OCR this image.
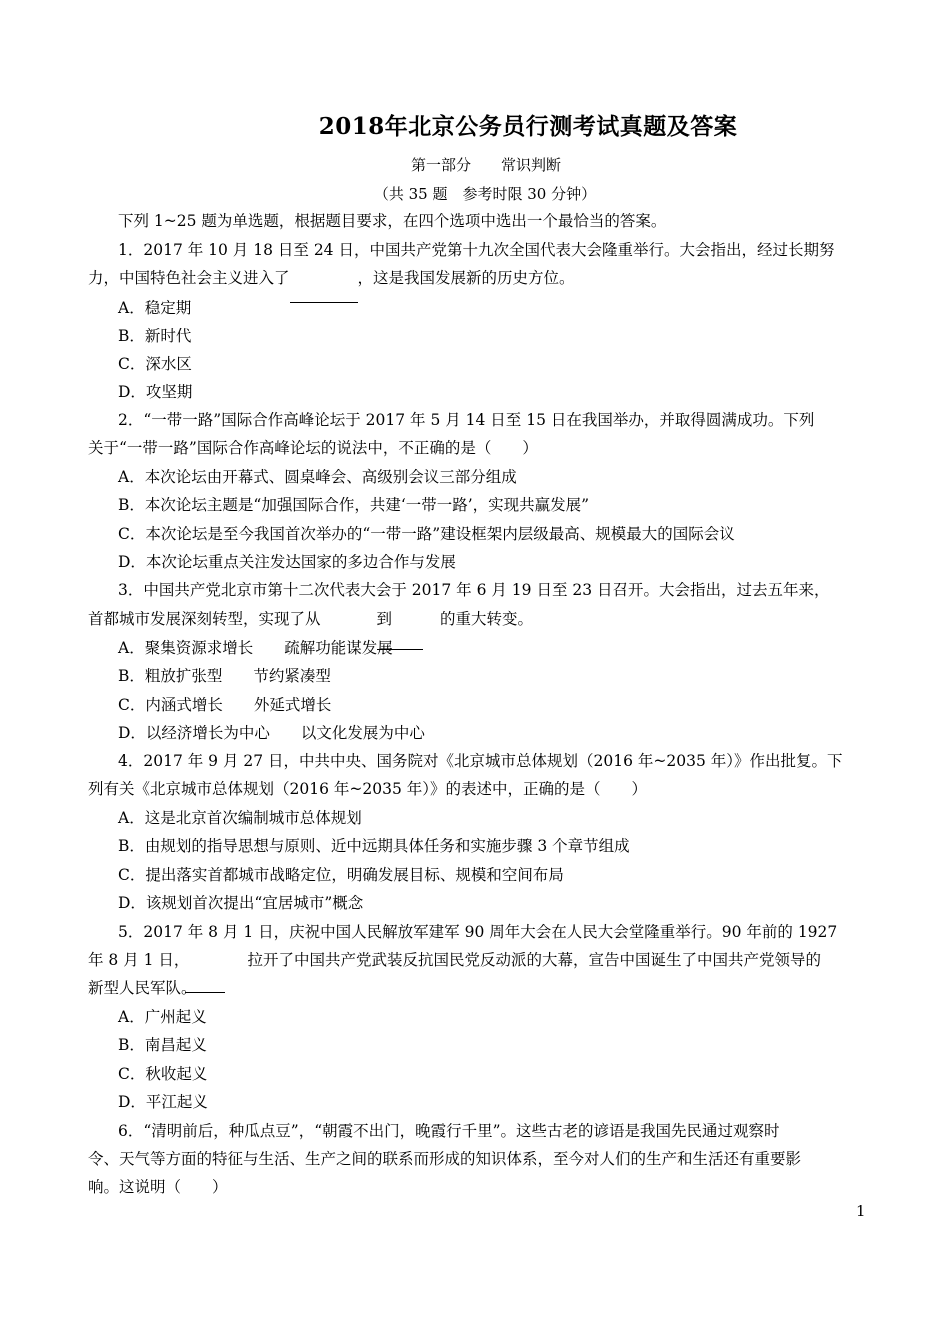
2018年北京公务员行测考试真题及答案
第一部分 常识判断
（共 35 题　参考时限 30 分钟）
下列 1~25 题为单选题，根据题目要求，在四个选项中选出一个最恰当的答案。
1．2017 年 10 月 18 日至 24 日，中国共产党第十九次全国代表大会隆重举行。大会指出，经过长期努
力，中国特色社会主义进入了	，这是我国发展新的历史方位。
A．稳定期
B．新时代
C．深水区
D．攻坚期
2．“一带一路”国际合作高峰论坛于 2017 年 5 月 14 日至 15 日在我国举办，并取得圆满成功。下列
关于“一带一路”国际合作高峰论坛的说法中，不正确的是（　　）
A．本次论坛由开幕式、圆桌峰会、高级别会议三部分组成
B．本次论坛主题是“加强国际合作，共建‘一带一路’，实现共赢发展”
C．本次论坛是至今我国首次举办的“一带一路”建设框架内层级最高、规模最大的国际会议
D．本次论坛重点关注发达国家的多边合作与发展
3．中国共产党北京市第十二次代表大会于 2017 年 6 月 19 日至 23 日召开。大会指出，过去五年来，
首都城市发展深刻转型，实现了从	到	的重大转变。
A．聚集资源求增长　　疏解功能谋发展
B．粗放扩张型　　节约紧凑型
C．内涵式增长　　外延式增长
D．以经济增长为中心　　以文化发展为中心
4．2017 年 9 月 27 日，中共中央、国务院对《北京城市总体规划（2016 年~2035 年）》作出批复。下
列有关《北京城市总体规划（2016 年~2035 年）》的表述中，正确的是（　　）
A．这是北京首次编制城市总体规划
B．由规划的指导思想与原则、近中远期具体任务和实施步骤 3 个章节组成
C．提出落实首都城市战略定位，明确发展目标、规模和空间布局
D．该规划首次提出“宜居城市”概念
5．2017 年 8 月 1 日，庆祝中国人民解放军建军 90 周年大会在人民大会堂隆重举行。90 年前的 1927
年 8 月 1 日，	拉开了中国共产党武装反抗国民党反动派的大幕，宣告中国诞生了中国共产党领导的
新型人民军队。
A．广州起义
B．南昌起义
C．秋收起义
D．平江起义
6．“清明前后，种瓜点豆”，“朝霞不出门，晚霞行千里”。这些古老的谚语是我国先民通过观察时
令、天气等方面的特征与生活、生产之间的联系而形成的知识体系，至今对人们的生产和生活还有重要影
响。这说明（　　）
1
